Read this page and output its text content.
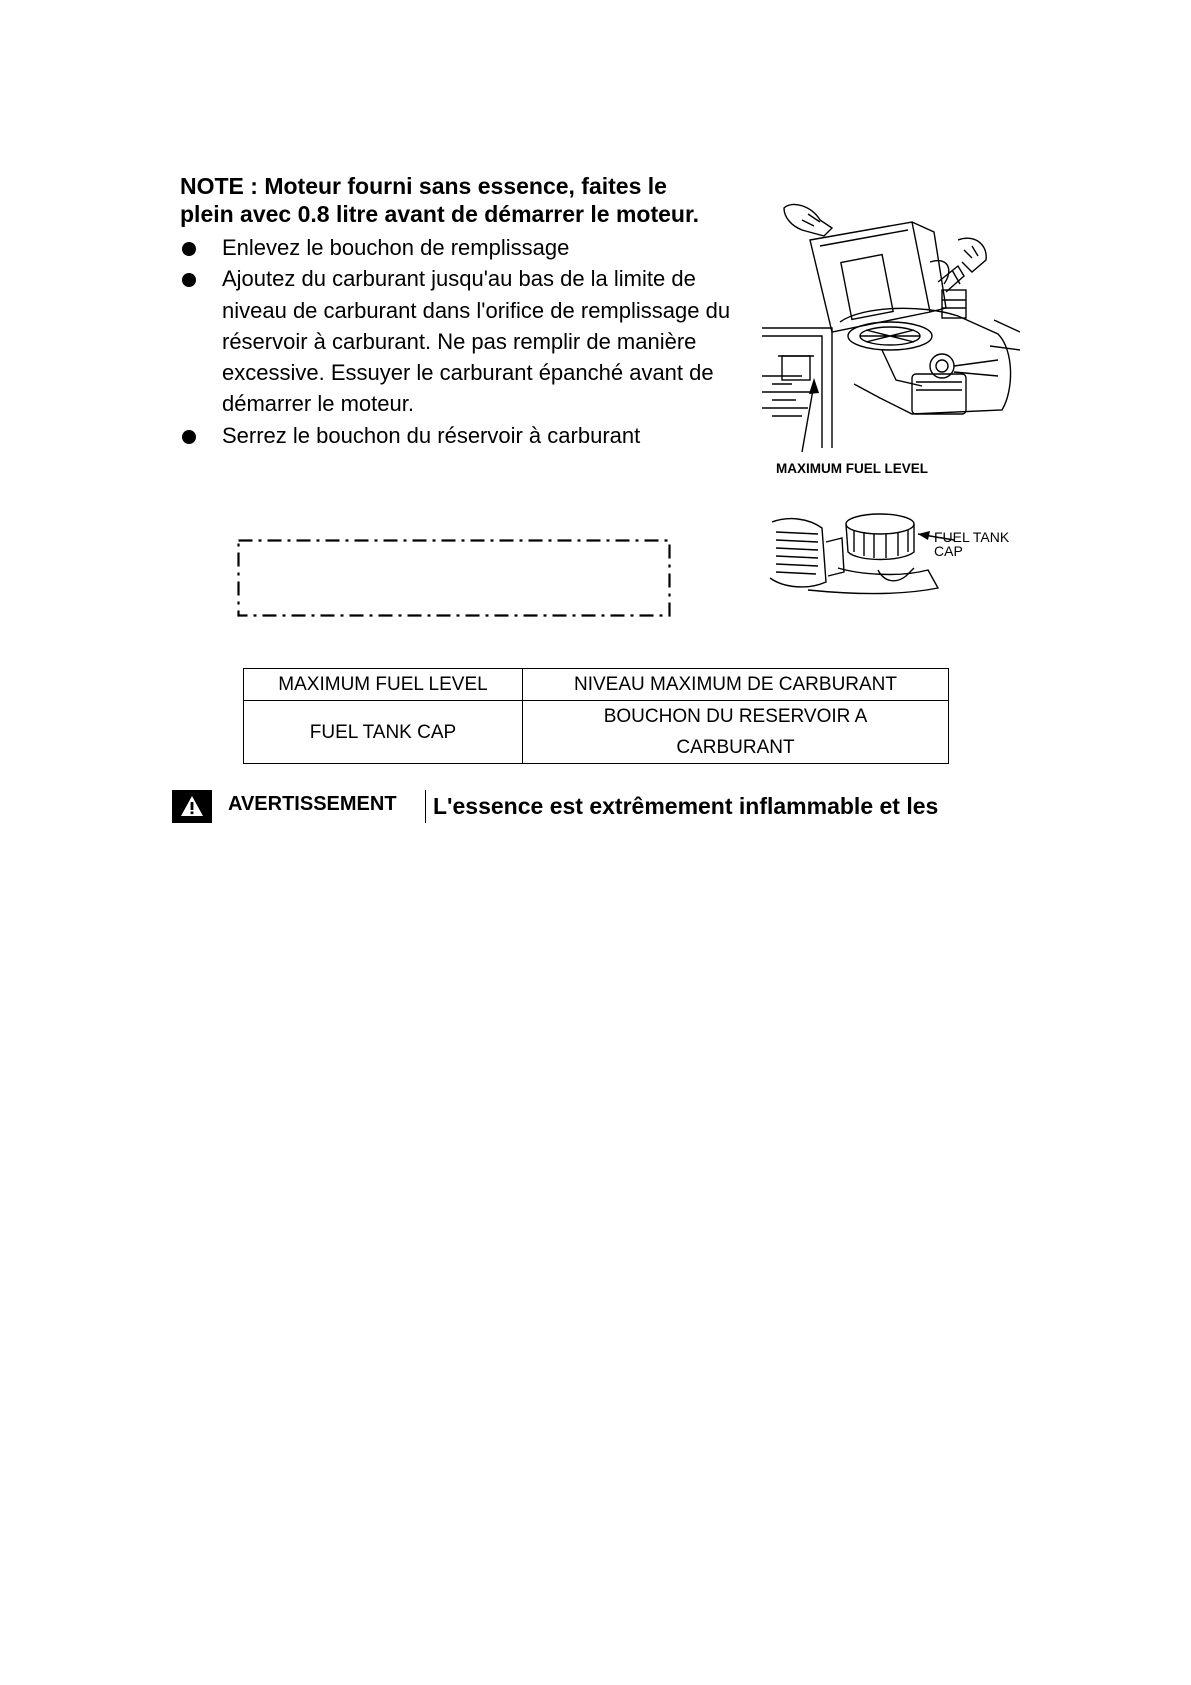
NOTE : Moteur fourni sans essence, faites le
plein avec 0.8 litre avant de démarrer le moteur.
Enlevez le bouchon de remplissage
Ajoutez du carburant jusqu'au bas de la limite de niveau de carburant dans l'orifice de remplissage du réservoir à carburant. Ne pas remplir de manière excessive. Essuyer le carburant épanché avant de démarrer le moteur.
Serrez le bouchon du réservoir à carburant
MAXIMUM FUEL LEVEL
FUEL TANK
CAP
MAXIMUM FUEL LEVEL	NIVEAU MAXIMUM DE CARBURANT
FUEL TANK CAP	BOUCHON DU RESERVOIR A CARBURANT
AVERTISSEMENT L'essence est extrêmement inflammable et les
